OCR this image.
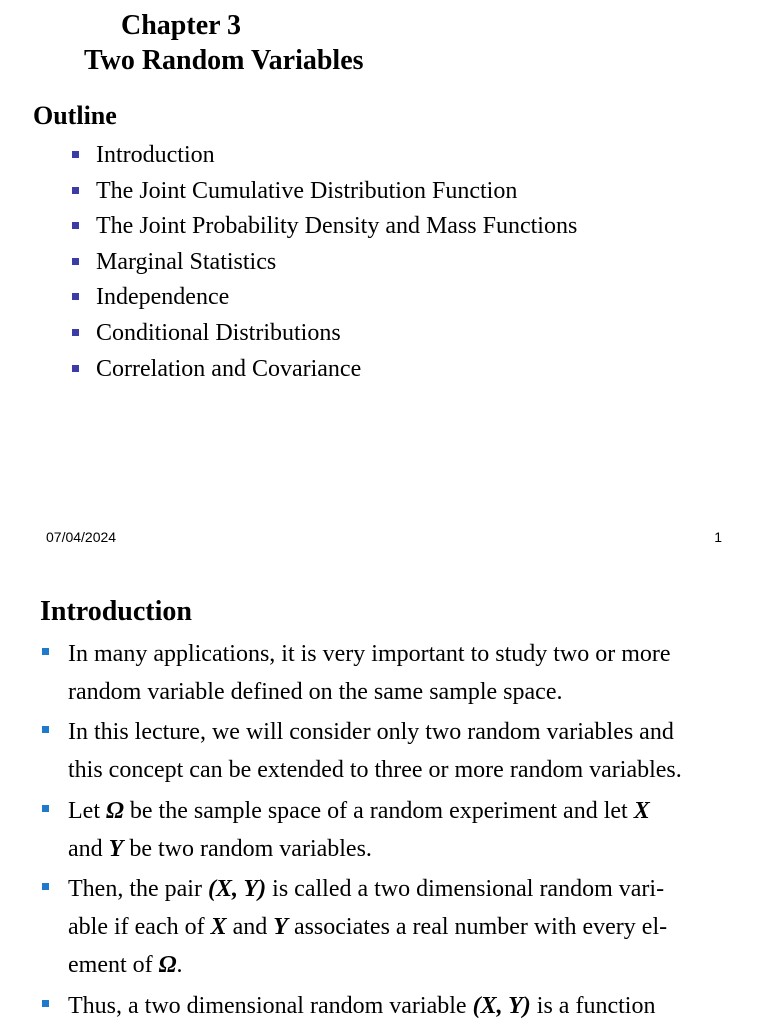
Chapter 3
Two Random Variables
Outline
Introduction
The Joint Cumulative Distribution Function
The Joint Probability Density and Mass Functions
Marginal Statistics
Independence
Conditional Distributions
Correlation and Covariance
07/04/2024	1
Introduction
In many applications, it is very important to study two or more
random variable defined on the same sample space.
In this lecture, we will consider only two random variables and
this concept can be extended to three or more random variables.
Let Ω be the sample space of a random experiment and let X
and Y be two random variables.
Then, the pair (X, Y) is called a two dimensional random vari-
able if each of X and Y associates a real number with every el-
ement of Ω.
Thus, a two dimensional random variable (X, Y) is a function
